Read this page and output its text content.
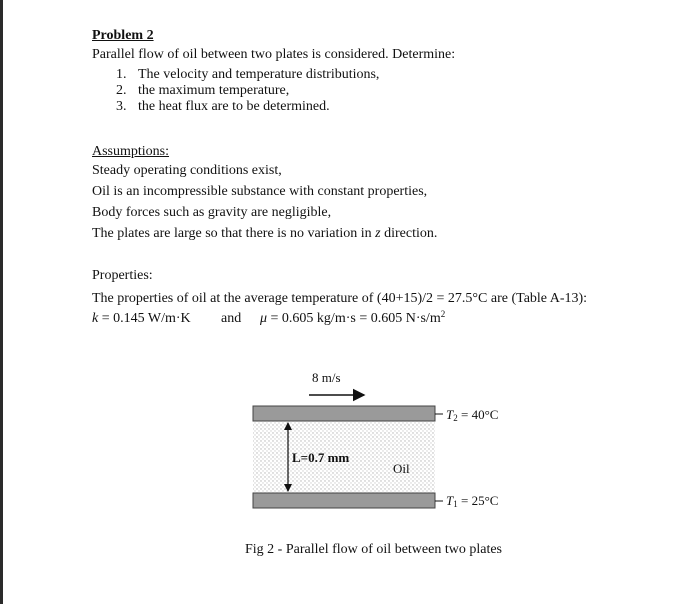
Problem 2
Parallel flow of oil between two plates is considered. Determine:
1. The velocity and temperature distributions,
2. the maximum temperature,
3. the heat flux are to be determined.
Assumptions:
Steady operating conditions exist,
Oil is an incompressible substance with constant properties,
Body forces such as gravity are negligible,
The plates are large so that there is no variation in z direction.
Properties:
The properties of oil at the average temperature of (40+15)/2 = 27.5°C are (Table A-13):
k = 0.145 W/m·K and μ = 0.605 kg/m·s = 0.605 $N\cdot s/m^2$
8 m/s
L=0.7 mm
Oil
$T_2 = 40^\circ C$
$T_1 = 25^\circ C$
Fig 2 - Parallel flow of oil between two plates
